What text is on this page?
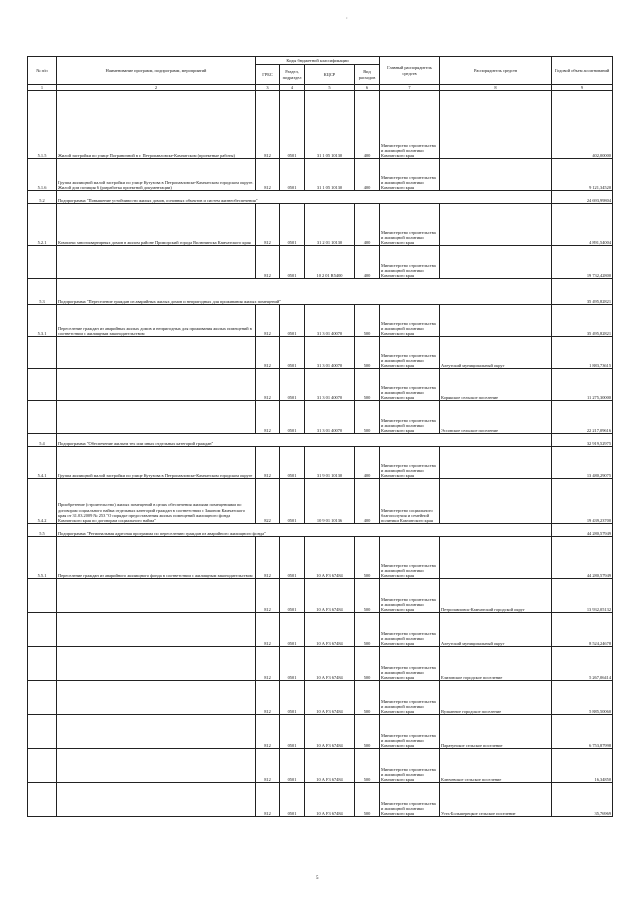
ʼ
№ п/п	Наименование программ, подпрограмм, мероприятий	Коды бюджетной классификации				Главный распорядитель средств	Распорядитель средств	Годовой объем ассигнований
		ГРБС	Раздел, подраздел	КЦСР	Вид расходов			
1	2	3	4	5	6	7	8	9
5.1.5	Жилой застройки по улице Пограничной в г. Петропавловске-Камчатском (проектные работы)	812	0501	31 1 05 10130	400	Министерство строительства и жилищной политики Камчатского края		402,00000
5.1.6	Группа жилищной малой застройки по улице Кутузова в Петропавловске-Камчатском городском округе. Жилой дом позиция 6 (разработка проектной документации)	812	0501	31 1 05 10130	400	Министерство строительства и жилищной политики Камчатского края		9 121,34520
5.2	Подпрограмма "Повышение устойчивости жилых домов, основных объектов и систем жизнеобеспечения"							24 693,99804
5.2.1	Комплекс многоквартирных домов в жилом районе Приморский города Вилючинска Камчатского края	812	0501	31 2 01 10130	400	Министерство строительства и жилищной политики Камчатского края		4 891,54004
		812	0501	10 2 01 R5400	400	Министерство строительства и жилищной политики Камчатского края		19 732,42800
5.3	Подпрограмма "Переселение граждан из аварийных жилых домов и непригодных для проживания жилых помещений"							35 495,82821
5.3.1	Переселение граждан из аварийных жилых домов и непригодных для проживания жилых помещений в соответствии с жилищным законодательством	812	0501	31 3 01 40070	500	Министерство строительства и жилищной политики Камчатского края		35 495,82821
		812	0501	31 3 01 40070	500	Министерство строительства и жилищной политики Камчатского края	Алеутский муниципальный округ	1 883,73615
		812	0501	31 3 01 40070	500	Министерство строительства и жилищной политики Камчатского края	Корякское сельское поселение	11 275,30000
		812	0501	31 3 01 40070	500	Министерство строительства и жилищной политики Камчатского края	Эссовское сельское поселение	22 217,09616
5.4	Подпрограмма "Обеспечение жильем тех или иных отдельных категорий граждан"							32 919,52975
5.4.1	Группа жилищной малой застройки по улице Кутузова в Петропавловске-Камчатском городском округе	812	0501	31 9 01 10130	400	Министерство строительства и жилищной политики Камчатского края		13 480,29075
5.4.2	Приобретение (строительство) жилых помещений в целях обеспечения жилыми помещениями по договорам социального найма отдельных категорий граждан в соответствии с Законом Камчатского края от 31.03.2009 № 253 "О порядке предоставления жилых помещений жилищного фонда Камчатского края по договорам социального найма"	822	0501	10 9 01 10136	400	Министерство социального благополучия и семейной политики Камчатского края		19 439,23700
5.5	Подпрограмма "Региональная адресная программа по переселению граждан из аварийного жилищного фонда"							44 280,57949
5.5.1	Переселение граждан из аварийного жилищного фонда в соответствии с жилищным законодательством	812	0501	10 А F3 67484	500	Министерство строительства и жилищной политики Камчатского края		44 280,57949
		812	0501	10 А F3 67484	500	Министерство строительства и жилищной политики Камчатского края	Петропавловск-Камчатский городской округ	13 932,05132
		812	0501	10 А F3 67484	500	Министерство строительства и жилищной политики Камчатского края	Алеутский муниципальный округ	8 524,24678
		812	0501	10 А F3 67484	500	Министерство строительства и жилищной политики Камчатского края	Елизовское городское поселение	5 267,06414
		812	0501	10 А F3 67484	500	Министерство строительства и жилищной политики Камчатского края	Вулканное городское поселение	5 885,50060
		812	0501	10 А F3 67484	500	Министерство строительства и жилищной политики Камчатского края	Паратунское сельское поселение	6 753,87998
		812	0501	10 А F3 67484	500	Министерство строительства и жилищной политики Камчатского края	Ключевское сельское поселение	16,34850
		812	0501	10 А F3 67484	500	Министерство строительства и жилищной политики Камчатского края	Усть-Большерецкое сельское поселение	35,76969
5
